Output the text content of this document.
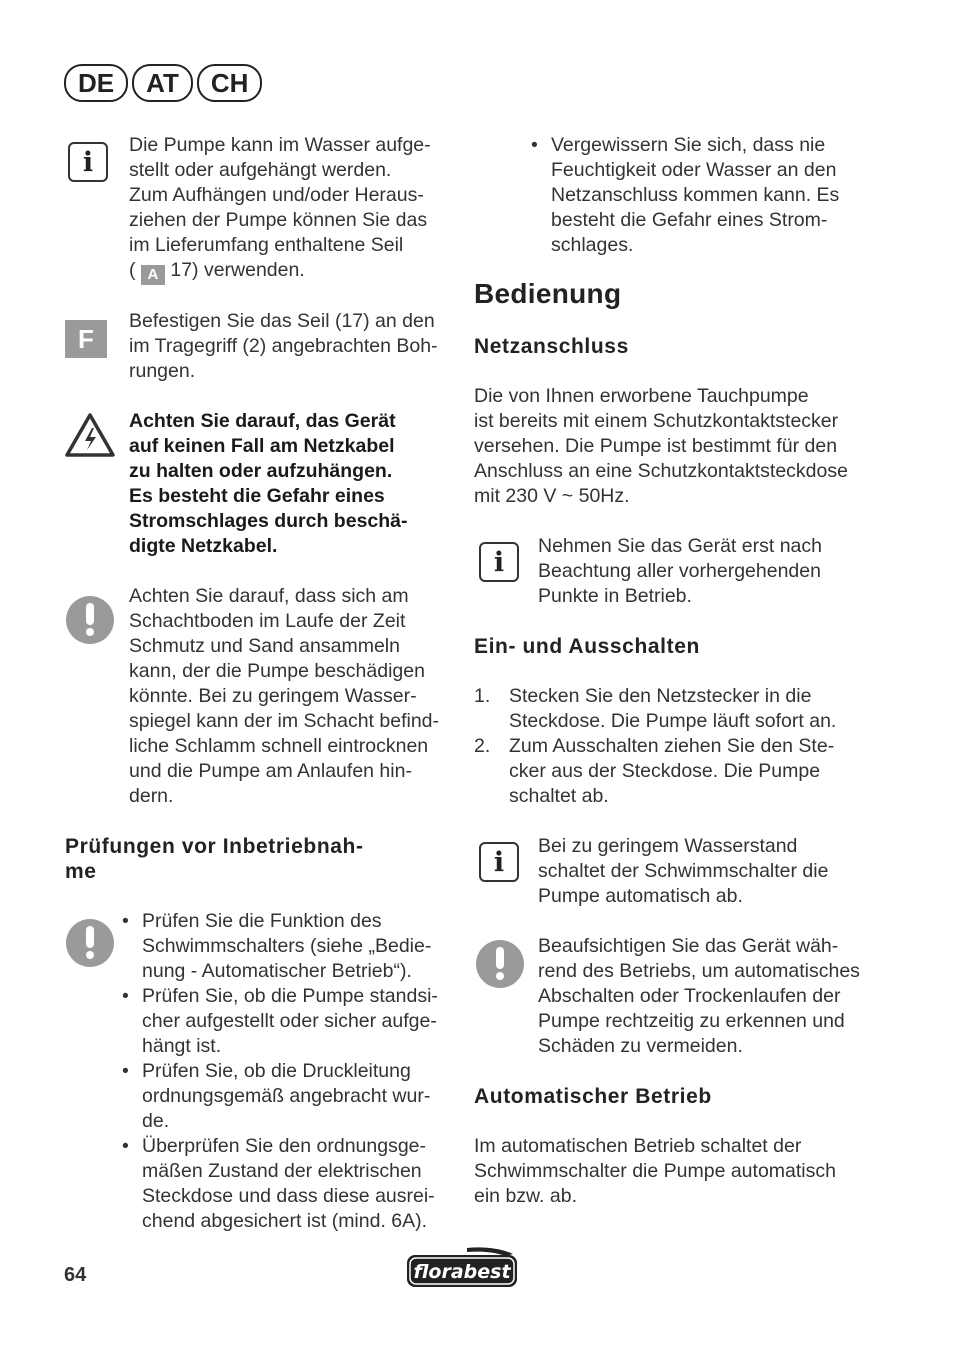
DE	AT	CH
i
Die Pumpe kann im Wasser aufge-
stellt oder aufgehängt werden.
Zum Aufhängen und/oder Heraus-
ziehen der Pumpe können Sie das
im Lieferumfang enthaltene Seil
( A 17) verwenden.
F
Befestigen Sie das Seil (17) an den
im Tragegriff (2) angebrachten Boh-
rungen.
Achten Sie darauf, das Gerät
auf keinen Fall am Netzkabel
zu halten oder aufzuhängen.
Es besteht die Gefahr eines
Stromschlages durch beschä-
digte Netzkabel.
Achten Sie darauf, dass sich am
Schachtboden im Laufe der Zeit
Schmutz und Sand ansammeln
kann, der die Pumpe beschädigen
könnte. Bei zu geringem Wasser-
spiegel kann der im Schacht befind-
liche Schlamm schnell eintrocknen
und die Pumpe am Anlaufen hin-
dern.
Prüfungen vor Inbetriebnah-
me
• Prüfen Sie die Funktion des
Schwimmschalters (siehe „Bedie-
nung - Automatischer Betrieb“).
• Prüfen Sie, ob die Pumpe standsi-
cher aufgestellt oder sicher aufge-
hängt ist.
• Prüfen Sie, ob die Druckleitung
ordnungsgemäß angebracht wur-
de.
• Überprüfen Sie den ordnungsge-
mäßen Zustand der elektrischen
Steckdose und dass diese ausrei-
chend abgesichert ist (mind. 6A).
• Vergewissern Sie sich, dass nie
Feuchtigkeit oder Wasser an den
Netzanschluss kommen kann. Es
besteht die Gefahr eines Strom-
schlages.
Bedienung
Netzanschluss
Die von Ihnen erworbene Tauchpumpe
ist bereits mit einem Schutzkontaktstecker
versehen. Die Pumpe ist bestimmt für den
Anschluss an eine Schutzkontaktsteckdose
mit 230 V ~ 50Hz.
i
Nehmen Sie das Gerät erst nach
Beachtung aller vorhergehenden
Punkte in Betrieb.
Ein- und Ausschalten
1. Stecken Sie den Netzstecker in die
Steckdose. Die Pumpe läuft sofort an.
2. Zum Ausschalten ziehen Sie den Ste-
cker aus der Steckdose. Die Pumpe
schaltet ab.
i
Bei zu geringem Wasserstand
schaltet der Schwimmschalter die
Pumpe automatisch ab.
Beaufsichtigen Sie das Gerät wäh-
rend des Betriebs, um automatisches
Abschalten oder Trockenlaufen der
Pumpe rechtzeitig zu erkennen und
Schäden zu vermeiden.
Automatischer Betrieb
Im automatischen Betrieb schaltet der
Schwimmschalter die Pumpe automatisch
ein bzw. ab.
64	florabest
